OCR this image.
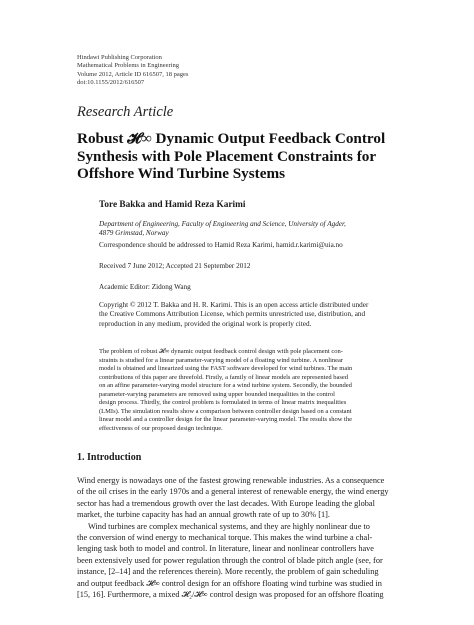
Hindawi Publishing Corporation
Mathematical Problems in Engineering
Volume 2012, Article ID 616507, 18 pages
doi:10.1155/2012/616507
Research Article
Robust 𝓗∞ Dynamic Output Feedback Control
Synthesis with Pole Placement Constraints for
Offshore Wind Turbine Systems
Tore Bakka and Hamid Reza Karimi
Department of Engineering, Faculty of Engineering and Science, University of Agder,
4879 Grimstad, Norway
Correspondence should be addressed to Hamid Reza Karimi, hamid.r.karimi@uia.no
Received 7 June 2012; Accepted 21 September 2012
Academic Editor: Zidong Wang
Copyright © 2012 T. Bakka and H. R. Karimi. This is an open access article distributed under
the Creative Commons Attribution License, which permits unrestricted use, distribution, and
reproduction in any medium, provided the original work is properly cited.
The problem of robust 𝓗∞ dynamic output feedback control design with pole placement con-
straints is studied for a linear parameter-varying model of a floating wind turbine. A nonlinear
model is obtained and linearized using the FAST software developed for wind turbines. The main
contributions of this paper are threefold. Firstly, a family of linear models are represented based
on an affine parameter-varying model structure for a wind turbine system. Secondly, the bounded
parameter-varying parameters are removed using upper bounded inequalities in the control
design process. Thirdly, the control problem is formulated in terms of linear matrix inequalities
(LMIs). The simulation results show a comparison between controller design based on a constant
linear model and a controller design for the linear parameter-varying model. The results show the
effectiveness of our proposed design technique.
1. Introduction
Wind energy is nowadays one of the fastest growing renewable industries. As a consequence
of the oil crises in the early 1970s and a general interest of renewable energy, the wind energy
sector has had a tremendous growth over the last decades. With Europe leading the global
market, the turbine capacity has had an annual growth rate of up to 30% [1].
Wind turbines are complex mechanical systems, and they are highly nonlinear due to
the conversion of wind energy to mechanical torque. This makes the wind turbine a chal-
lenging task both to model and control. In literature, linear and nonlinear controllers have
been extensively used for power regulation through the control of blade pitch angle (see, for
instance, [2–14] and the references therein). More recently, the problem of gain scheduling
and output feedback 𝓗∞ control design for an offshore floating wind turbine was studied in
[15, 16]. Furthermore, a mixed 𝓗₂/𝓗∞ control design was proposed for an offshore floating
